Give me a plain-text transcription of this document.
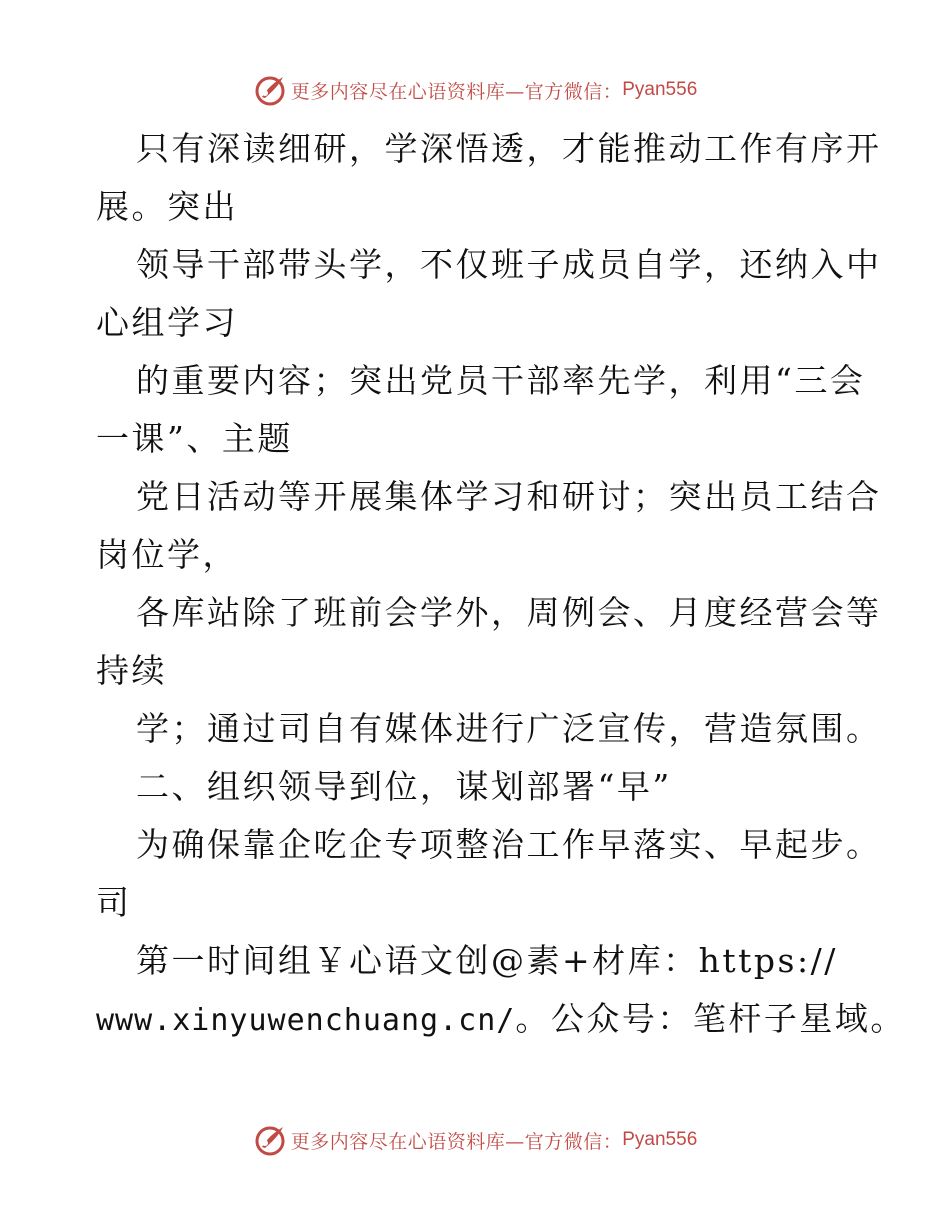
更多内容尽在心语资料库—官方微信： Pyan556
只有深读细研，学深悟透，才能推动工作有序开
展。突出
领导干部带头学，不仅班子成员自学，还纳入中
心组学习
的重要内容；突出党员干部率先学，利用“三会
一课”、主题
党日活动等开展集体学习和研讨；突出员工结合
岗位学，
各库站除了班前会学外，周例会、月度经营会等
持续
学；通过司自有媒体进行广泛宣传，营造氛围。
二、组织领导到位，谋划部署“早”
为确保靠企吃企专项整治工作早落实、早起步。
司
第一时间组￥心语文创@素+材库：https://
www.xinyuwenchuang.cn/。公众号：笔杆子星域。
更多内容尽在心语资料库—官方微信： Pyan556
